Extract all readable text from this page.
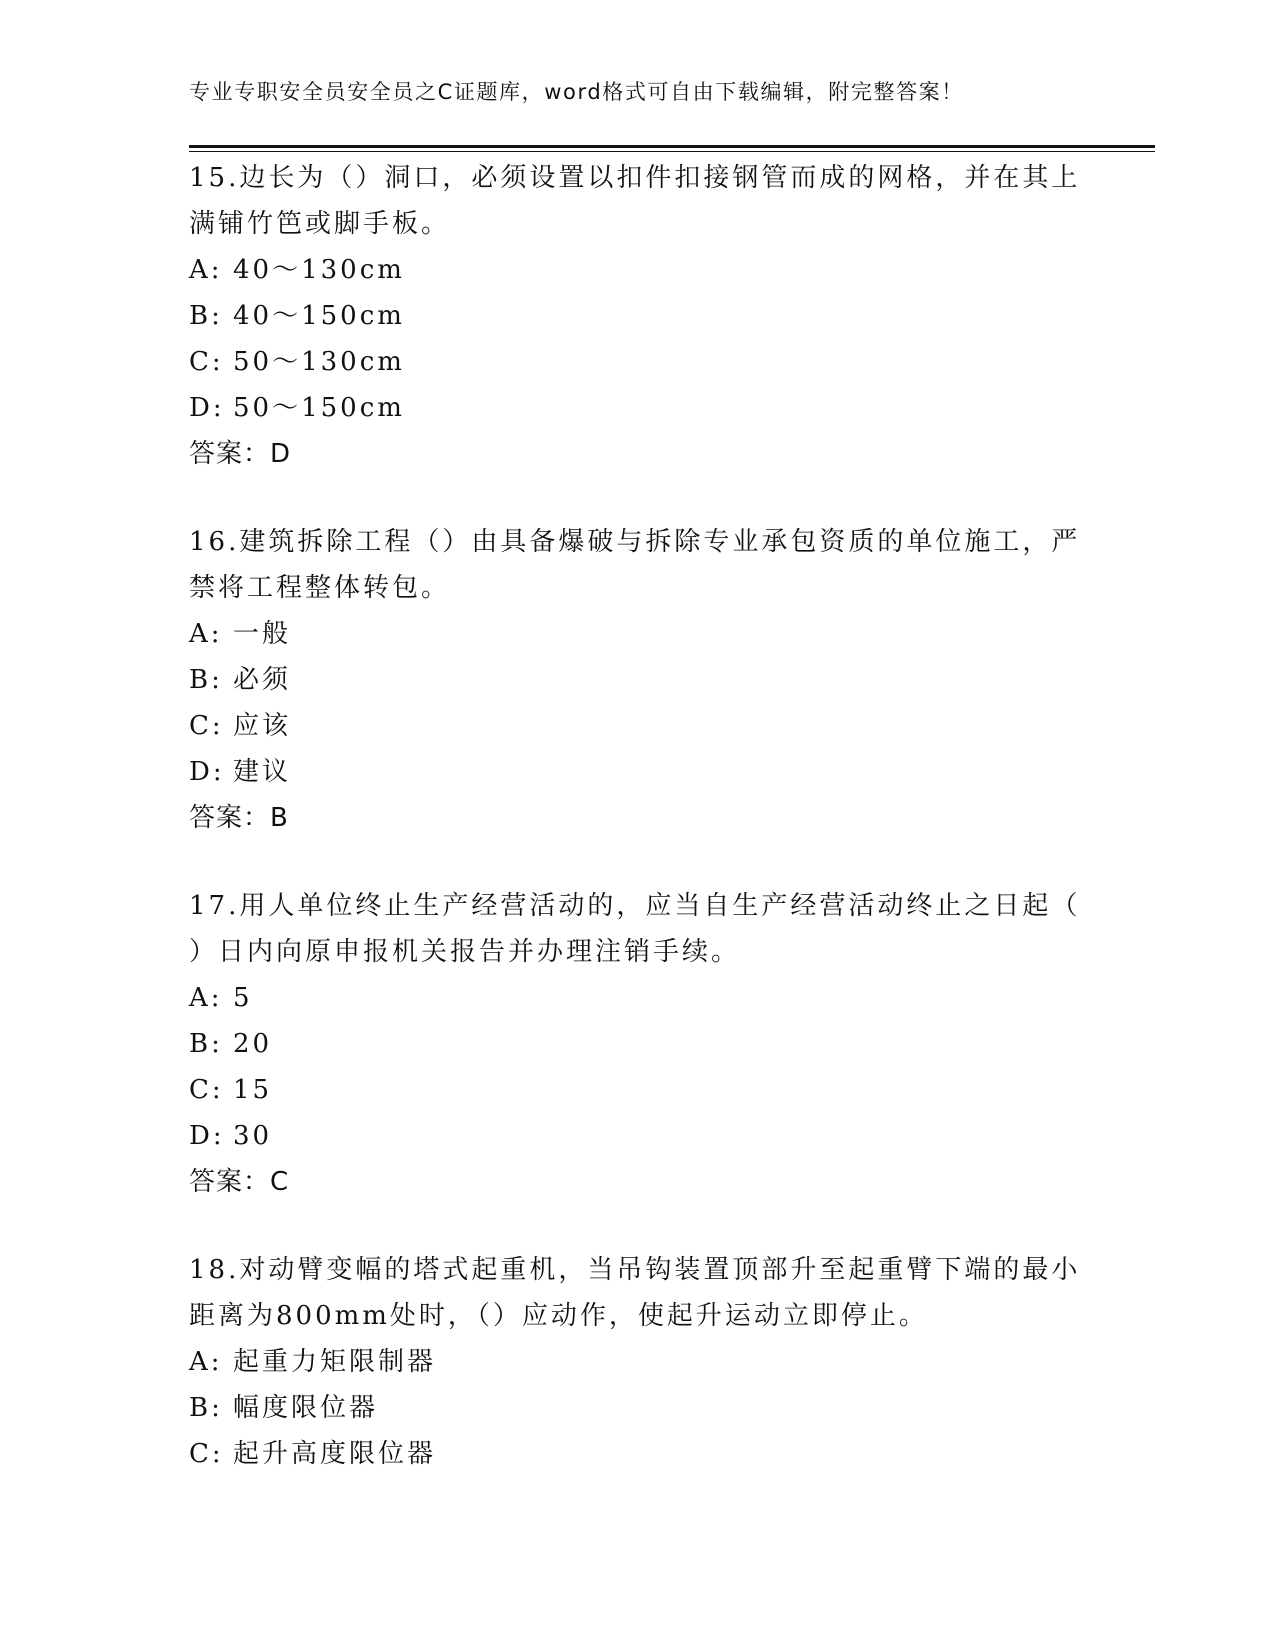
专业专职安全员安全员之C证题库，word格式可自由下载编辑，附完整答案！
15.边长为（）洞口，必须设置以扣件扣接钢管而成的网格，并在其上
满铺竹笆或脚手板。
A: 40～130cm
B: 40～150cm
C: 50～130cm
D: 50～150cm
答案：D
16.建筑拆除工程（）由具备爆破与拆除专业承包资质的单位施工，严
禁将工程整体转包。
A: 一般
B: 必须
C: 应该
D: 建议
答案：B
17.用人单位终止生产经营活动的，应当自生产经营活动终止之日起（
）日内向原申报机关报告并办理注销手续。
A: 5
B: 20
C: 15
D: 30
答案：C
18.对动臂变幅的塔式起重机，当吊钩装置顶部升至起重臂下端的最小
距离为800mm处时，（）应动作，使起升运动立即停止。
A: 起重力矩限制器
B: 幅度限位器
C: 起升高度限位器
